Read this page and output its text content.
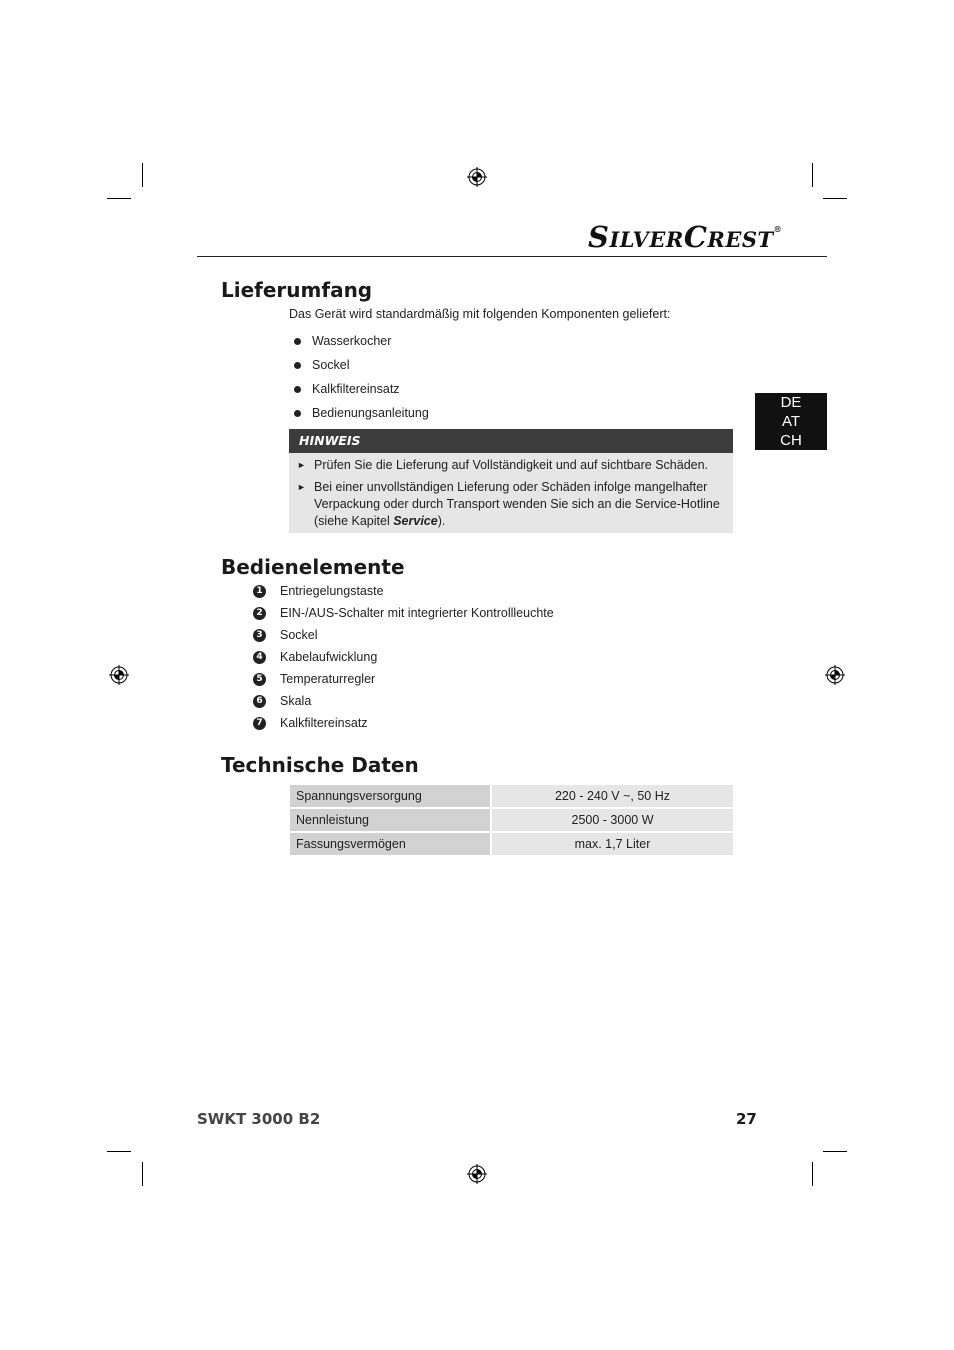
SILVERCREST®
DE
AT
CH
Lieferumfang
Das Gerät wird standardmäßig mit folgenden Komponenten geliefert:
Wasserkocher
Sockel
Kalkfiltereinsatz
Bedienungsanleitung
HINWEIS
► Prüfen Sie die Lieferung auf Vollständigkeit und auf sichtbare Schäden.
► Bei einer unvollständigen Lieferung oder Schäden infolge mangelhafter
Verpackung oder durch Transport wenden Sie sich an die Service-Hotline
(siehe Kapitel Service).
Bedienelemente
1 Entriegelungstaste
2 EIN-/AUS-Schalter mit integrierter Kontrollleuchte
3 Sockel
4 Kabelaufwicklung
5 Temperaturregler
6 Skala
7 Kalkfiltereinsatz
Technische Daten
Spannungsversorgung	220 - 240 V ~, 50 Hz
Nennleistung	2500 - 3000 W
Fassungsvermögen	max. 1,7 Liter
SWKT 3000 B2	27
